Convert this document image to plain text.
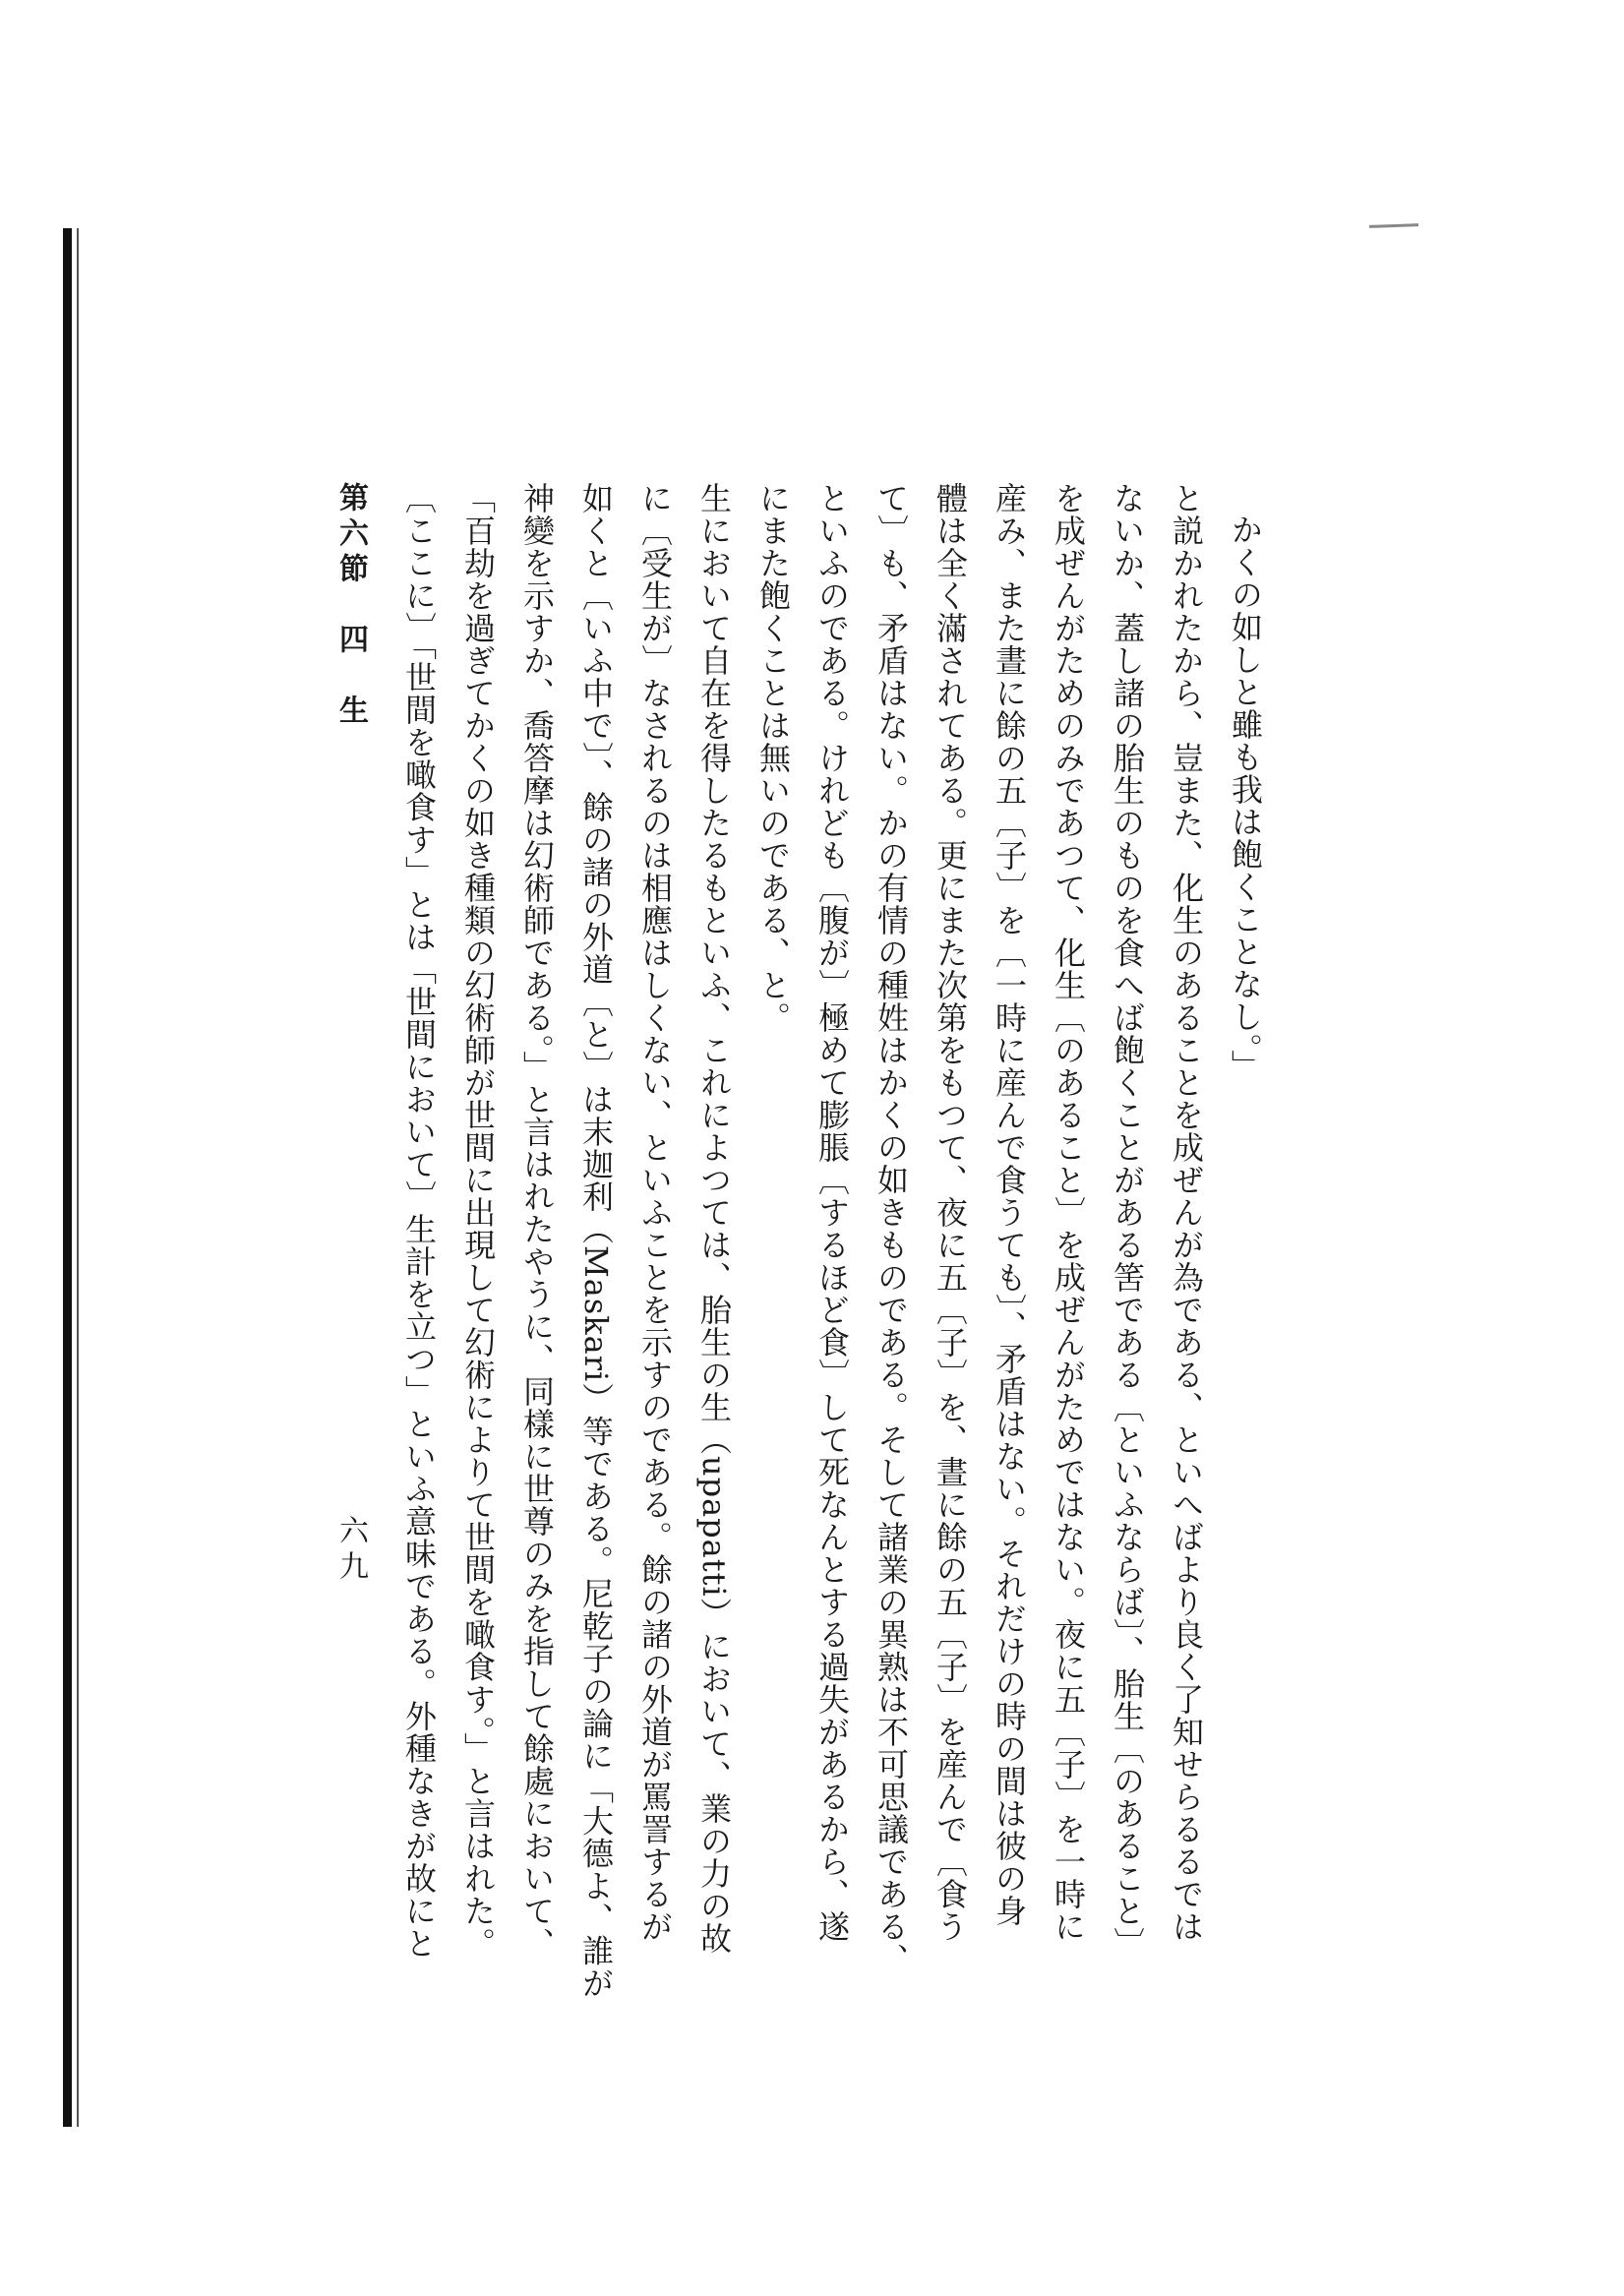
かくの如しと雖も我は飽くことなし。」

と説かれたから、豈また、化生のあることを成ぜんが為である、といへばより良く了知せらるるでは

ないか、蓋し諸の胎生のものを食へば飽くことがある筈である〔といふならば〕、胎生〔のあること〕

を成ぜんがためのみであつて、化生〔のあること〕を成ぜんがためではない。夜に五〔子〕を一時に

産み、また晝に餘の五〔子〕を〔一時に産んで食うても〕、矛盾はない。それだけの時の間は彼の身

體は全く滿されてある。更にまた次第をもつて、夜に五〔子〕を、晝に餘の五〔子〕を産んで〔食う

て〕も、矛盾はない。かの有情の種姓はかくの如きものである。そして諸業の異熟は不可思議である、

といふのである。けれども〔腹が〕極めて膨脹〔するほど食〕して死なんとする過失があるから、遂

にまた飽くことは無いのである、と。

生において自在を得したるもといふ、これによつては、胎生の生（upapatti）において、業の力の故

に〔受生が〕なされるのは相應はしくない、といふことを示すのである。餘の諸の外道が罵詈するが

如くと〔いふ中で〕、餘の諸の外道〔と〕は末迦利（Maskari）等である。尼乾子の論に「大德よ、誰が

神變を示すか、喬答摩は幻術師である。」と言はれたやうに、同樣に世尊のみを指して餘處において、

「百劫を過ぎてかくの如き種類の幻術師が世間に出現して幻術によりて世間を噉食す。」と言はれた。

〔ここに〕「世間を噉食す」とは「世間において〕生計を立つ」といふ意味である。外種なきが故にと

第六節　四　生
六九
